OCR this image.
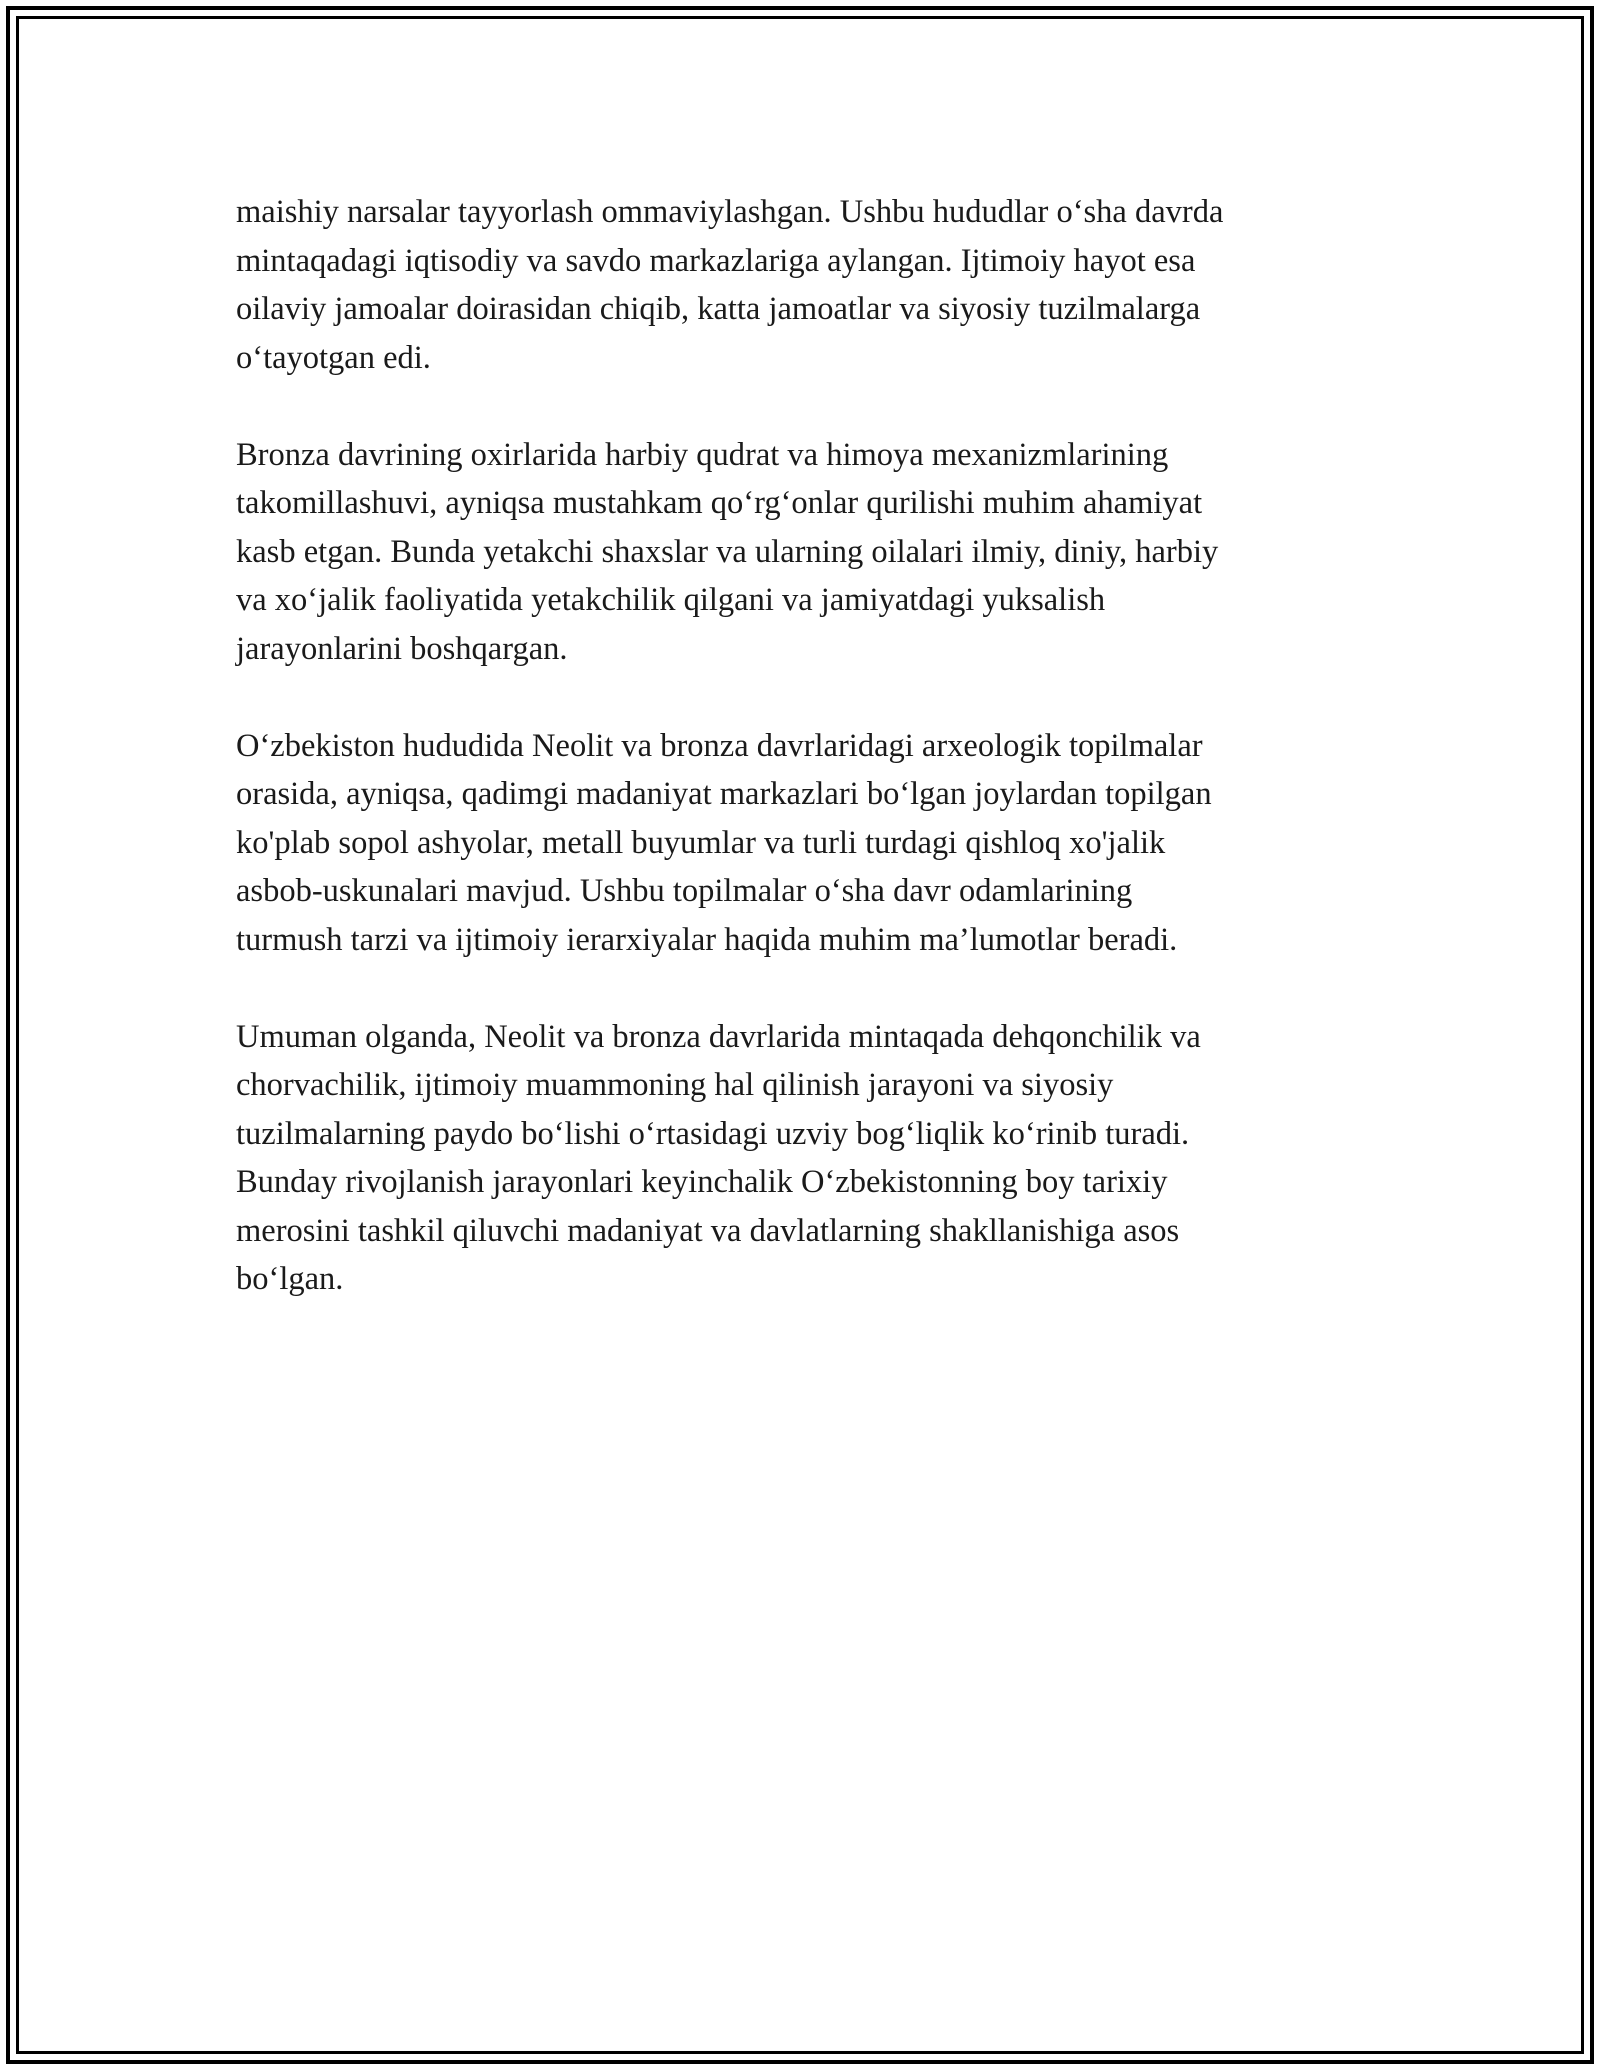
maishiy narsalar tayyorlash ommaviylashgan. Ushbu hududlar o‘sha davrda
mintaqadagi iqtisodiy va savdo markazlariga aylangan. Ijtimoiy hayot esa
oilaviy jamoalar doirasidan chiqib, katta jamoatlar va siyosiy tuzilmalarga
o‘tayotgan edi.

Bronza davrining oxirlarida harbiy qudrat va himoya mexanizmlarining
takomillashuvi, ayniqsa mustahkam qo‘rg‘onlar qurilishi muhim ahamiyat
kasb etgan. Bunda yetakchi shaxslar va ularning oilalari ilmiy, diniy, harbiy
va xo‘jalik faoliyatida yetakchilik qilgani va jamiyatdagi yuksalish
jarayonlarini boshqargan.

O‘zbekiston hududida Neolit va bronza davrlaridagi arxeologik topilmalar
orasida, ayniqsa, qadimgi madaniyat markazlari bo‘lgan joylardan topilgan
ko'plab sopol ashyolar, metall buyumlar va turli turdagi qishloq xo'jalik
asbob-uskunalari mavjud. Ushbu topilmalar o‘sha davr odamlarining
turmush tarzi va ijtimoiy ierarxiyalar haqida muhim ma’lumotlar beradi.

Umuman olganda, Neolit va bronza davrlarida mintaqada dehqonchilik va
chorvachilik, ijtimoiy muammoning hal qilinish jarayoni va siyosiy
tuzilmalarning paydo bo‘lishi o‘rtasidagi uzviy bog‘liqlik ko‘rinib turadi.
Bunday rivojlanish jarayonlari keyinchalik O‘zbekistonning boy tarixiy
merosini tashkil qiluvchi madaniyat va davlatlarning shakllanishiga asos
bo‘lgan.
